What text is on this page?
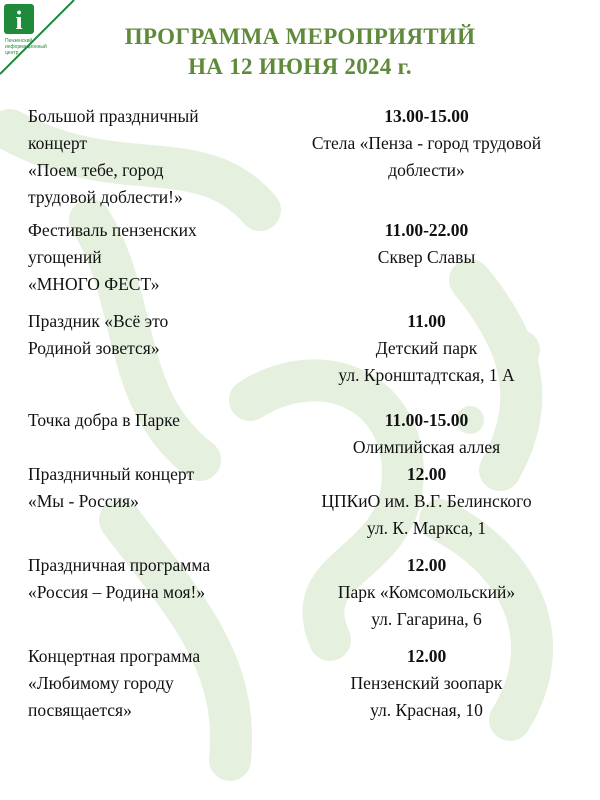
i
Пензенский
информационный
центр
ПРОГРАММА МЕРОПРИЯТИЙ
НА 12 ИЮНЯ 2024 г.
Большой праздничный
концерт
«Поем тебе, город
трудовой доблести!»
13.00-15.00
Стела «Пенза - город трудовой
доблести»
Фестиваль пензенских
угощений
«МНОГО ФЕСТ»
11.00-22.00
Сквер Славы
Праздник «Всё это
Родиной зовется»
11.00
Детский парк
ул. Кронштадтская, 1 А
Точка добра в Парке	11.00-15.00
Олимпийская аллея
Праздничный концерт
«Мы - Россия»
12.00
ЦПКиО им. В.Г. Белинского
ул. К. Маркса, 1
Праздничная программа
«Россия – Родина моя!»
12.00
Парк «Комсомольский»
ул. Гагарина, 6
Концертная программа
«Любимому городу
посвящается»
12.00
Пензенский зоопарк
ул. Красная, 10
